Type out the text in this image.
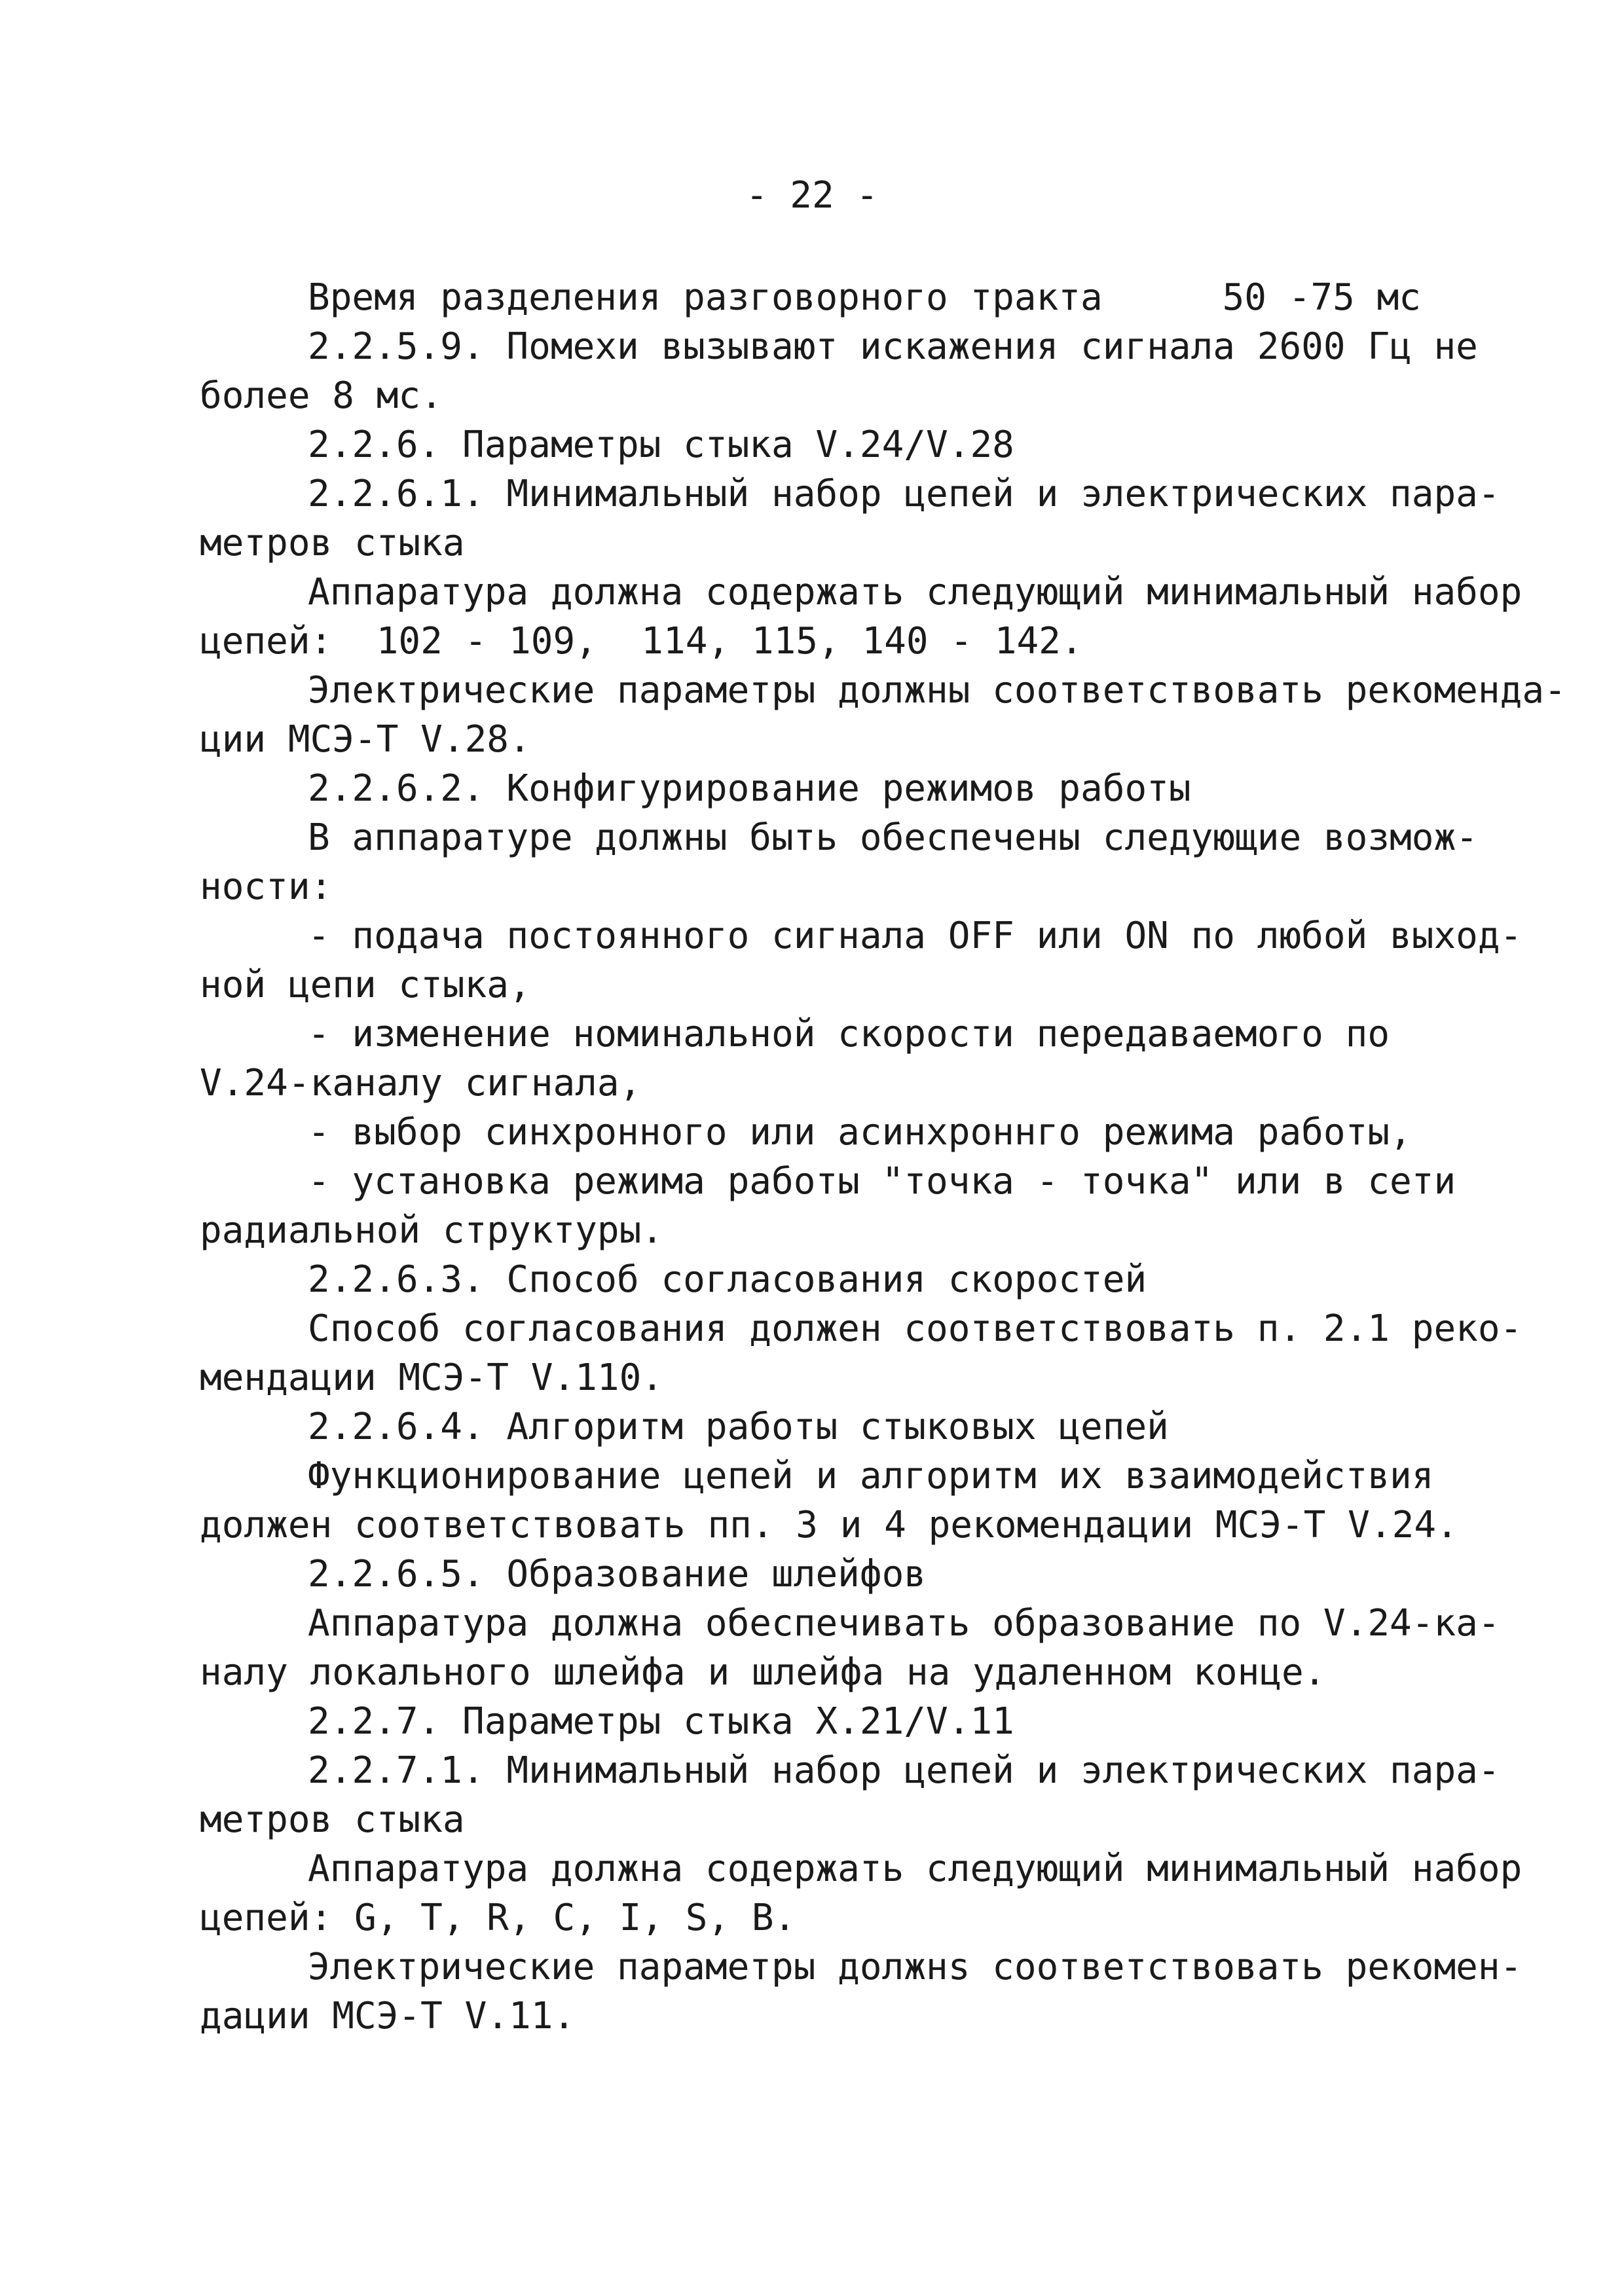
- 22 -
Время разделения разговорного тракта	50 -75 мс
2.2.5.9. Помехи вызывают искажения сигнала 2600 Гц не
более 8 мс.
2.2.6. Параметры стыка V.24/V.28
2.2.6.1. Минимальный набор цепей и электрических пара-
метров стыка
Аппаратура должна содержать следующий минимальный набор
цепей:  102 - 109,  114, 115, 140 - 142.
Электрические параметры должны соответствовать рекоменда-
ции МСЭ-Т V.28.
2.2.6.2. Конфигурирование режимов работы
В аппаратуре должны быть обеспечены следующие возмож-
ности:
- подача постоянного сигнала OFF или ON по любой выход-
ной цепи стыка,
- изменение номинальной скорости передаваемого по
V.24-каналу сигнала,
- выбор синхронного или асинхроннго режима работы,
- установка режима работы "точка - точка" или в сети
радиальной структуры.
2.2.6.3. Способ согласования скоростей
Способ согласования должен соответствовать п. 2.1 реко-
мендации МСЭ-Т V.110.
2.2.6.4. Алгоритм работы стыковых цепей
Функционирование цепей и алгоритм их взаимодействия
должен соответствовать пп. 3 и 4 рекомендации МСЭ-Т V.24.
2.2.6.5. Образование шлейфов
Аппаратура должна обеспечивать образование по V.24-ка-
налу локального шлейфа и шлейфа на удаленном конце.
2.2.7. Параметры стыка X.21/V.11
2.2.7.1. Минимальный набор цепей и электрических пара-
метров стыка
Аппаратура должна содержать следующий минимальный набор
цепей: G, T, R, C, I, S, B.
Электрические параметры должнs соответствовать рекомен-
дации МСЭ-Т V.11.
